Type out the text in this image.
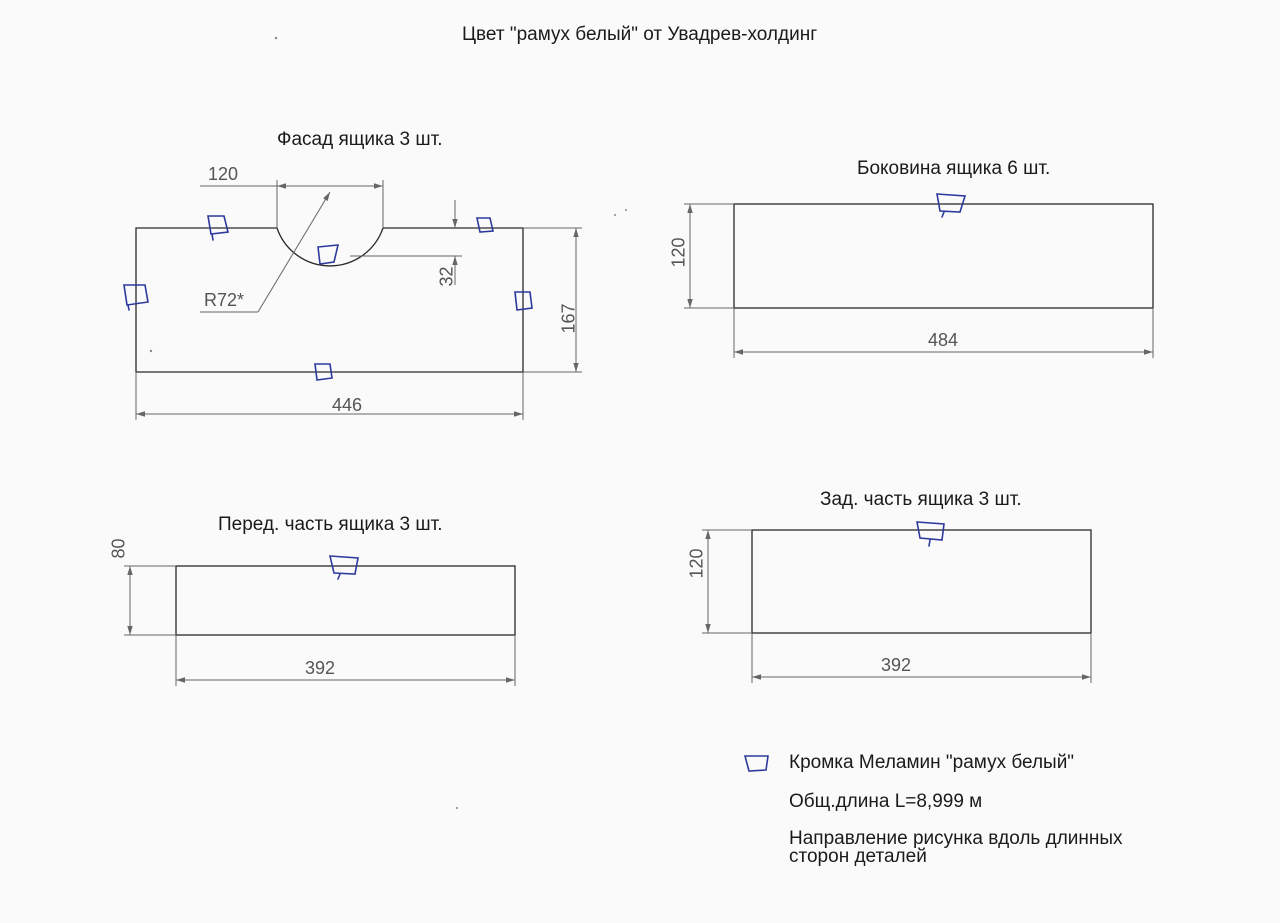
Цвет "рамух белый" от Увадрев-холдинг
Фасад ящика 3 шт.
120
32
R72*
167
446
Боковина ящика 6 шт.
120
484
Перед. часть ящика 3 шт.
80
392
Зад. часть ящика 3 шт.
120
392
Кромка Меламин "рамух белый"
Общ.длина L=8,999 м
Направление рисунка вдоль длинных
сторон деталей
